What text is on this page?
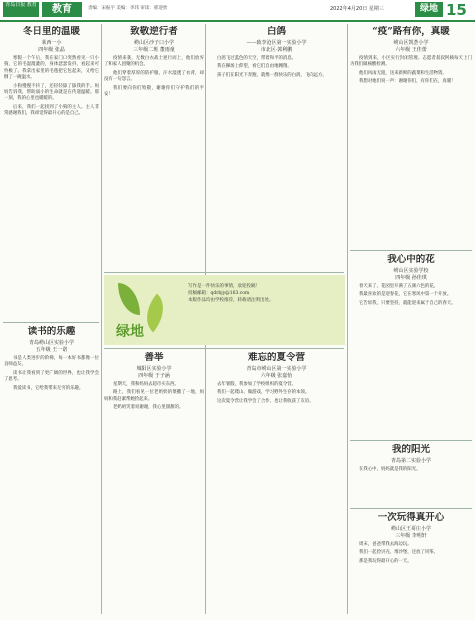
青岛日报 教育	教育	责编：宋振宇 美编：李玮 审读：邢迎欣	2022年4月20日 星期三	绿地 15

冬日里的温暖

莱西一小

四年级 张晶

寒假一个午后，我在家门口突然看见一只小狗，它的毛湿漉漉的，身体瑟瑟发抖，看起来可怜极了。我拿出家里的毛毯把它包起来，又给它倒了一碗温水。

小狗慢慢不抖了，还轻轻舔了舔我的手。妈妈告诉我，帮助弱小的生命就是在传递温暖。那一刻，我的心里也暖暖的。

后来，我们一起找到了小狗的主人。主人非常感谢我们，我却觉得最开心的是自己。

读书的乐趣

青岛崂山区实验小学

五年级 王一诺

书是人类进步的阶梯，每一本好书都像一位良师益友。

读书让我看到了更广阔的世界，也让我学会了思考。

我爱读书，它给我带来无穷的乐趣。

致敬逆行者

崂山区沙子口小学

三年级二班 董雨童

疫情来袭，无数白衣战士逆行而上，他们放弃了和家人团聚的机会。

他们穿着厚厚的防护服，汗水湿透了衣背，却没有一句怨言。

我们要向你们致敬，谢谢你们守护我们的平安！

白鸽

——致李沧区第一实验小学

市北区·郭利鹏

白鸽飞过蓝色的天空，带着和平的消息。

我在操场上仰望，看它们自由地翱翔。

孩子们在阳光下奔跑，就像一群快乐的白鸽，飞向远方。

绿地
写作是一件快乐的事情，欢迎投稿！
投稿邮箱：qdrbjy@163.com
本版作品均由学校推荐，转载请注明出处。

善举

城阳区实验小学

四年级 于子涵

星期天，我和妈妈去超市买东西。

路上，我们看见一位老奶奶的菜撒了一地，妈妈和我赶紧帮她捡起来。

老奶奶笑着说谢谢，我心里甜甜的。

难忘的夏令营

青岛市崂山区第一实验小学

六年级 张嘉怡

去年暑假，我参加了学校组织的夏令营。

我们一起爬山、做游戏、学习野外生存的本领。

这次夏令营让我学会了合作，也让我收获了友谊。

“疫”路有你，真暖

崂山区凯荟小学

六年级 王佳蕾

疫情到来，小区实行封闭管理。志愿者叔叔阿姨每天上门为我们做核酸检测。

他们风雨无阻，送来新鲜的蔬菜和生活物资。

我想对他们说一声：谢谢你们，有你们在，真暖！

我心中的花

崂山区实验学校

四年级 孙佳琪

春天来了，花园里开满了五颜六色的花。

我最喜欢的是迎春花，它在寒风中第一个开放。

它告诉我，只要坚持，就能迎来属于自己的春天。

我的阳光

青岛第二实验小学

在我心中，妈妈就是我的阳光。

一次玩得真开心

崂山区王哥庄小学

三年级 李明轩

周末，爸爸带我去海边玩。

我们一起捡贝壳、堆沙堡，还放了风筝。

那是我玩得最开心的一天。
